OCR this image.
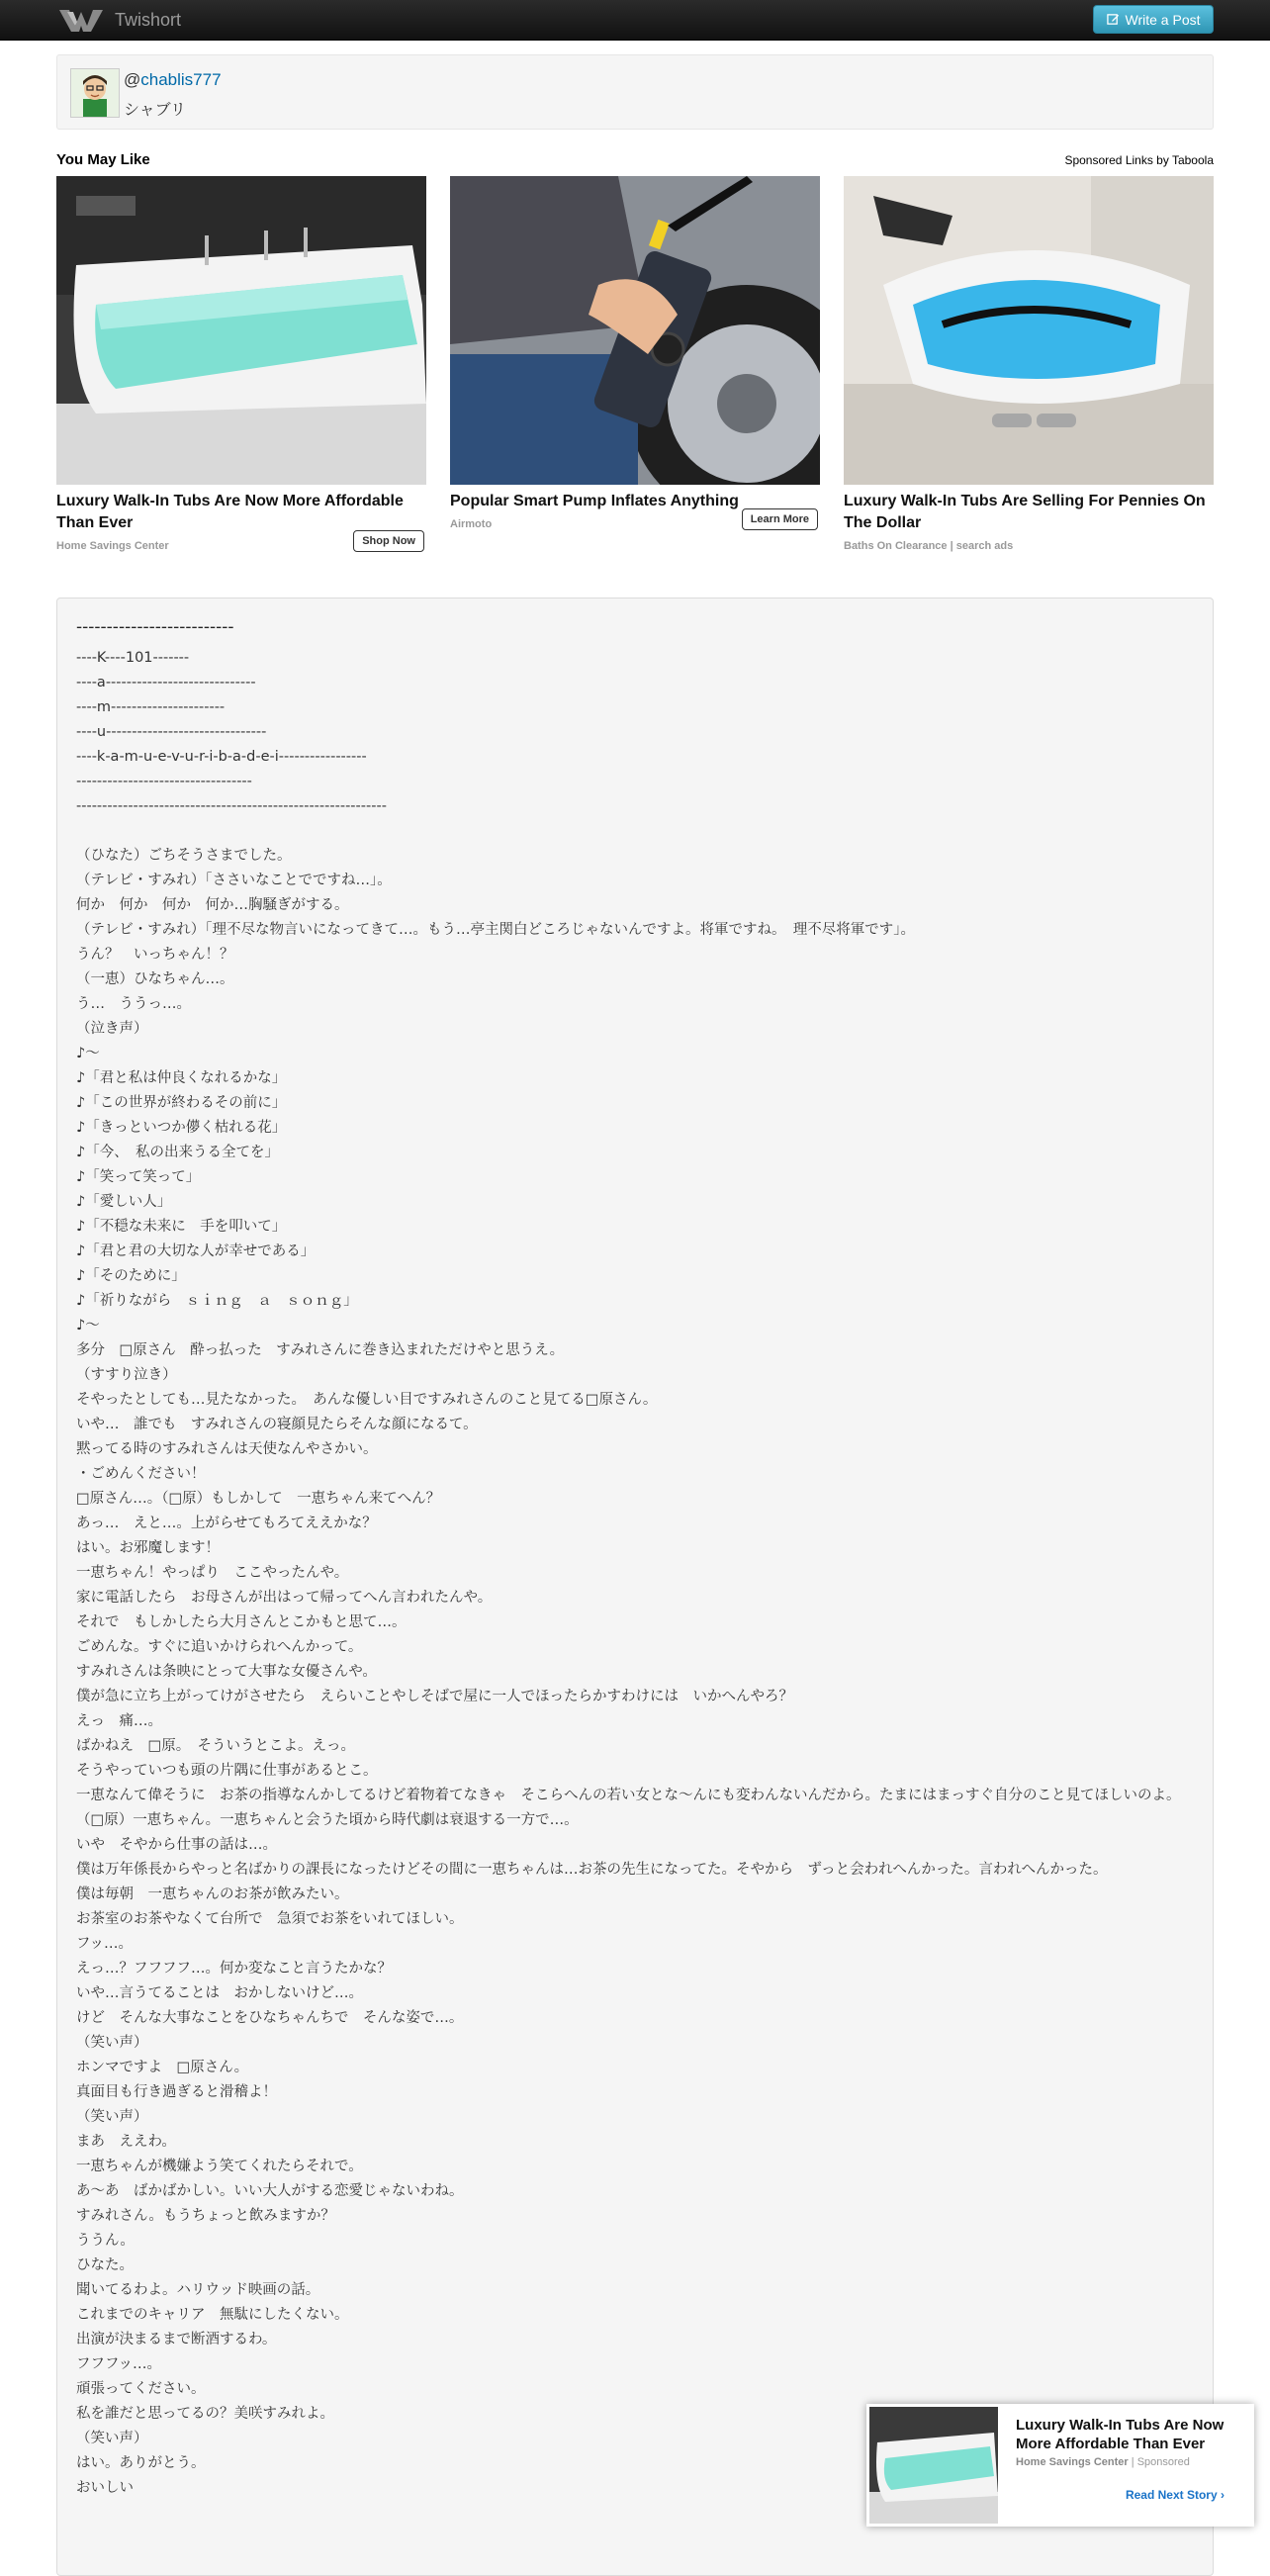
Twishort	Write a Post
@chablis777
シャブリ
You May Like	Sponsored Links by Taboola
Luxury Walk-In Tubs Are Now More Affordable Than Ever
Home Savings Center	Shop Now
Popular Smart Pump Inflates Anything
Airmoto	Learn More
Luxury Walk-In Tubs Are Selling For Pennies On The Dollar
Baths On Clearance | search ads
--------------------------
----K----101-------
----a-----------------------------
----m----------------------
----u-------------------------------
----k-a-m-u-e-v-u-r-i-b-a-d-e-i-----------------
----------------------------------
------------------------------------------------------------
（ひなた）ごちそうさまでした。
（テレビ・すみれ）「ささいなことでですね…」。
何か　何か　何か　何か…胸騒ぎがする。
（テレビ・すみれ）「理不尽な物言いになってきて…。もう…亭主関白どころじゃないんですよ。将軍ですね。　理不尽将軍です」。
うん？　いっちゃん！？
（一恵）ひなちゃん…。
う…　ううっ…。
（泣き声）
♪～
♪「君と私は仲良くなれるかな」
♪「この世界が終わるその前に」
♪「きっといつか儚く枯れる花」
♪「今、　私の出来うる全てを」
♪「笑って笑って」
♪「愛しい人」
♪「不穏な未来に　手を叩いて」
♪「君と君の大切な人が幸せである」
♪「そのために」
♪「祈りながら　ｓｉｎｇ　ａ　ｓｏｎｇ」
♪～
多分　□原さん　酔っ払った　すみれさんに巻き込まれただけやと思うえ。
（すすり泣き）
そやったとしても…見たなかった。　あんな優しい目ですみれさんのこと見てる□原さん。
いや…　誰でも　すみれさんの寝顔見たらそんな顔になるて。
黙ってる時のすみれさんは天使なんやさかい。
・ごめんください！
□原さん…。（□原）もしかして　一恵ちゃん来てへん？
あっ…　えと…。上がらせてもろてええかな？
はい。お邪魔します！
一恵ちゃん！やっぱり　ここやったんや。
家に電話したら　お母さんが出はって帰ってへん言われたんや。
それで　もしかしたら大月さんとこかもと思て…。
ごめんな。すぐに追いかけられへんかって。
すみれさんは条映にとって大事な女優さんや。
僕が急に立ち上がってけがさせたら　えらいことやしそばで屋に一人でほったらかすわけには　いかへんやろ？
えっ　痛…。
ばかねえ　□原。　そういうとこよ。えっ。
そうやっていつも頭の片隅に仕事があるとこ。
一恵なんて偉そうに　お茶の指導なんかしてるけど着物着てなきゃ　そこらへんの若い女とな～んにも変わんないんだから。たまにはまっすぐ自分のこと見てほしいのよ。
（□原）一恵ちゃん。一恵ちゃんと会うた頃から時代劇は衰退する一方で…。
いや　そやから仕事の話は…。
僕は万年係長からやっと名ばかりの課長になったけどその間に一恵ちゃんは…お茶の先生になってた。そやから　ずっと会われへんかった。言われへんかった。
僕は毎朝　一恵ちゃんのお茶が飲みたい。
お茶室のお茶やなくて台所で　急須でお茶をいれてほしい。
フッ…。
えっ…？フフフフ…。何か変なこと言うたかな？
いや…言うてることは　おかしないけど…。
けど　そんな大事なことをひなちゃんちで　そんな姿で…。
（笑い声）
ホンマですよ　□原さん。
真面目も行き過ぎると滑稽よ！
（笑い声）
まあ　ええわ。
一恵ちゃんが機嫌よう笑てくれたらそれで。
あ～あ　ばかばかしい。いい大人がする恋愛じゃないわね。
すみれさん。もうちょっと飲みますか？
ううん。
ひなた。
聞いてるわよ。ハリウッド映画の話。
これまでのキャリア　無駄にしたくない。
出演が決まるまで断酒するわ。
フフフッ…。
頑張ってください。
私を誰だと思ってるの？美咲すみれよ。
（笑い声）
はい。ありがとう。
おいしい
Luxury Walk-In Tubs Are Now More Affordable Than Ever
Home Savings Center | Sponsored
Read Next Story ›
